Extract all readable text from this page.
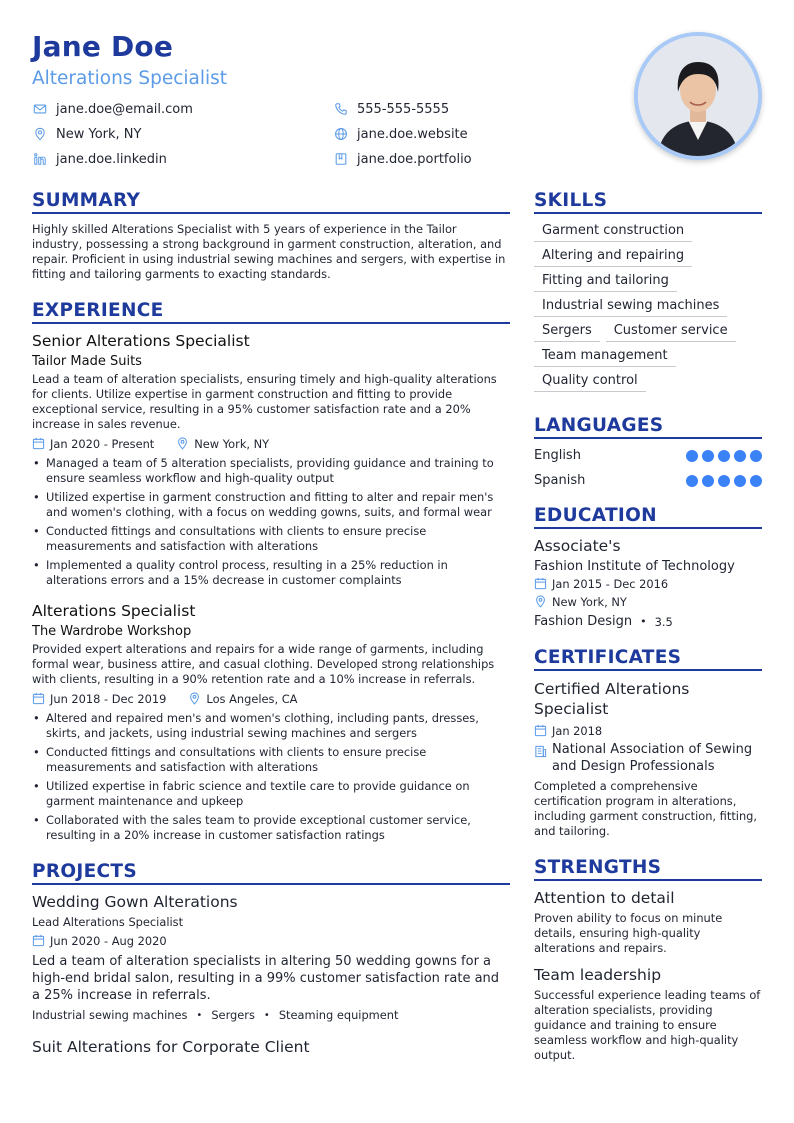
Jane Doe
Alterations Specialist
jane.doe@email.com
New York, NY
jane.doe.linkedin
555-555-5555
jane.doe.website
jane.doe.portfolio
SUMMARY
Highly skilled Alterations Specialist with 5 years of experience in the Tailor industry, possessing a strong background in garment construction, alteration, and repair. Proficient in using industrial sewing machines and sergers, with expertise in fitting and tailoring garments to exacting standards.
EXPERIENCE
Senior Alterations Specialist
Tailor Made Suits
Lead a team of alteration specialists, ensuring timely and high-quality alterations for clients. Utilize expertise in garment construction and fitting to provide exceptional service, resulting in a 95% customer satisfaction rate and a 20% increase in sales revenue.
Jan 2020 - Present	New York, NY
• Managed a team of 5 alteration specialists, providing guidance and training to ensure seamless workflow and high-quality output
• Utilized expertise in garment construction and fitting to alter and repair men's and women's clothing, with a focus on wedding gowns, suits, and formal wear
• Conducted fittings and consultations with clients to ensure precise measurements and satisfaction with alterations
• Implemented a quality control process, resulting in a 25% reduction in alterations errors and a 15% decrease in customer complaints
Alterations Specialist
The Wardrobe Workshop
Provided expert alterations and repairs for a wide range of garments, including formal wear, business attire, and casual clothing. Developed strong relationships with clients, resulting in a 90% retention rate and a 10% increase in referrals.
Jun 2018 - Dec 2019	Los Angeles, CA
• Altered and repaired men's and women's clothing, including pants, dresses, skirts, and jackets, using industrial sewing machines and sergers
• Conducted fittings and consultations with clients to ensure precise measurements and satisfaction with alterations
• Utilized expertise in fabric science and textile care to provide guidance on garment maintenance and upkeep
• Collaborated with the sales team to provide exceptional customer service, resulting in a 20% increase in customer satisfaction ratings
PROJECTS
Wedding Gown Alterations
Lead Alterations Specialist
Jun 2020 - Aug 2020
Led a team of alteration specialists in altering 50 wedding gowns for a high-end bridal salon, resulting in a 99% customer satisfaction rate and a 25% increase in referrals.
Industrial sewing machines • Sergers • Steaming equipment
Suit Alterations for Corporate Client
SKILLS
Garment construction
Altering and repairing
Fitting and tailoring
Industrial sewing machines
Sergers	Customer service
Team management
Quality control
LANGUAGES
English
Spanish
EDUCATION
Associate's
Fashion Institute of Technology
Jan 2015 - Dec 2016
New York, NY
Fashion Design • 3.5
CERTIFICATES
Certified Alterations Specialist
Jan 2018
National Association of Sewing and Design Professionals
Completed a comprehensive certification program in alterations, including garment construction, fitting, and tailoring.
STRENGTHS
Attention to detail
Proven ability to focus on minute details, ensuring high-quality alterations and repairs.
Team leadership
Successful experience leading teams of alteration specialists, providing guidance and training to ensure seamless workflow and high-quality output.
